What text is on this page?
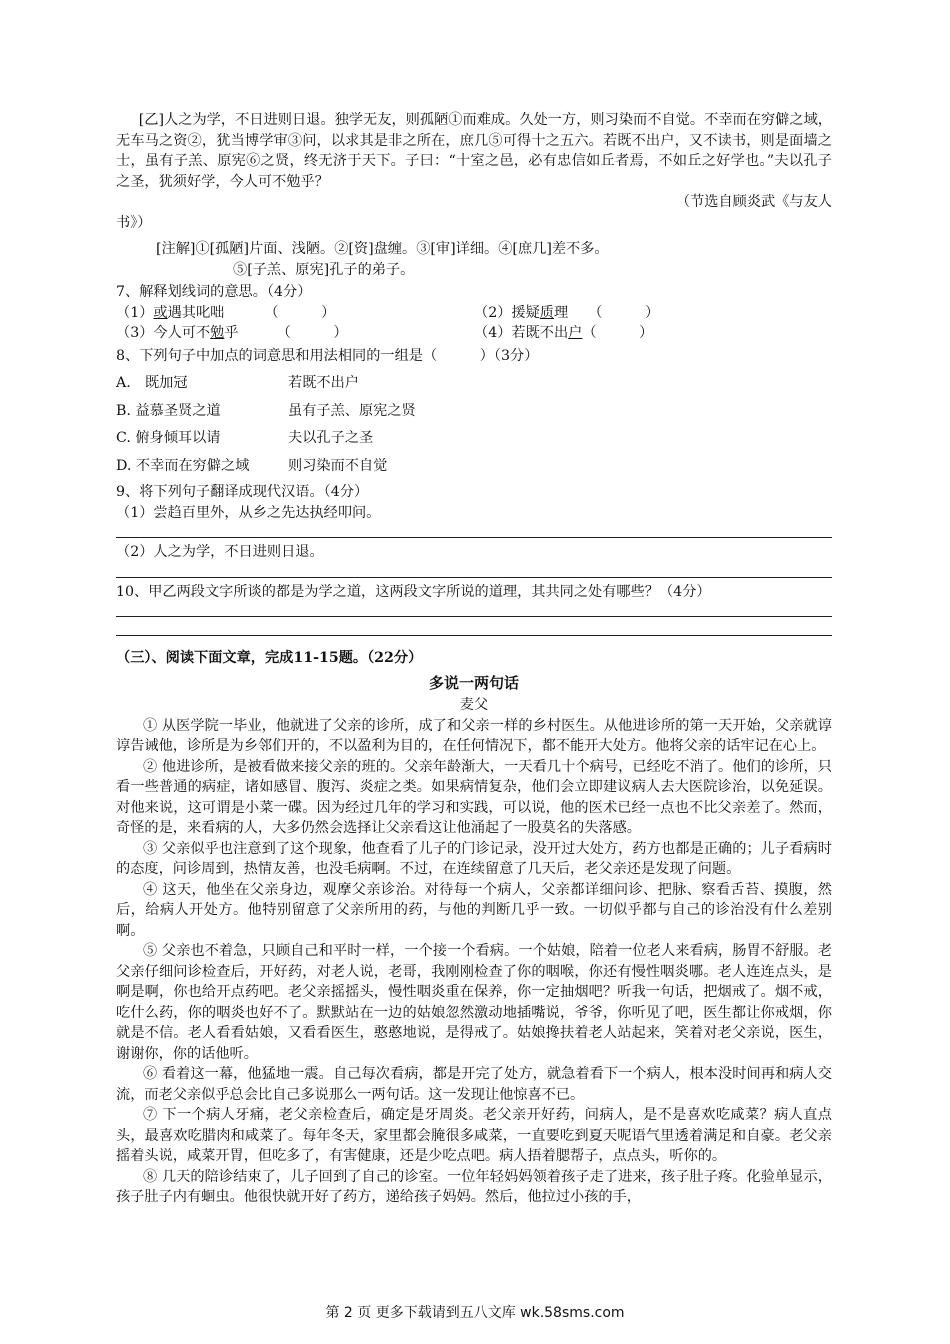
[乙]人之为学，不日进则日退。独学无友，则孤陋①而难成。久处一方，则习染而不自觉。不幸而在穷僻之域，无车马之资②，犹当博学审③问，以求其是非之所在，庶几⑤可得十之五六。若既不出户，又不读书，则是面墙之士，虽有子羔、原宪⑥之贤，终无济于天下。子曰：“十室之邑，必有忠信如丘者焉，不如丘之好学也。”夫以孔子之圣，犹须好学，今人可不勉乎？

（节选自顾炎武《与友人

书》）

[注解]①[孤陋]片面、浅陋。②[资]盘缠。③[审]详细。④[庶几]差不多。
⑤[子羔、原宪]孔子的弟子。
7、解释划线词的意思。（4分）
（1）或遇其叱咄	（　　　）	（2）援疑质理 （　　　）
（3）今人可不勉乎	（　　　）	（4）若既不出户（　　　）
8、下列句子中加点的词意思和用法相同的一组是（　　　）（3分）
A.　既加冠	若既不出户
B. 益慕圣贤之道	虽有子羔、原宪之贤
C. 俯身倾耳以请	夫以孔子之圣
D. 不幸而在穷僻之域	则习染而不自觉
9、将下列句子翻译成现代汉语。（4分）
（1）尝趋百里外，从乡之先达执经叩问。
（2）人之为学，不日进则日退。
10、甲乙两段文字所谈的都是为学之道，这两段文字所说的道理，其共同之处有哪些？（4分）
（三）、阅读下面文章，完成11-15题。（22分）
多说一两句话
麦父

① 从医学院一毕业，他就进了父亲的诊所，成了和父亲一样的乡村医生。从他进诊所的第一天开始，父亲就谆谆告诫他，诊所是为乡邻们开的，不以盈利为目的，在任何情况下，都不能开大处方。他将父亲的话牢记在心上。

② 他进诊所，是被看做来接父亲的班的。父亲年龄渐大，一天看几十个病号，已经吃不消了。他们的诊所，只看一些普通的病症，诸如感冒、腹泻、炎症之类。如果病情复杂，他们会立即建议病人去大医院诊治，以免延误。对他来说，这可谓是小菜一碟。因为经过几年的学习和实践，可以说，他的医术已经一点也不比父亲差了。然而，奇怪的是，来看病的人，大多仍然会选择让父亲看这让他涌起了一股莫名的失落感。

③ 父亲似乎也注意到了这个现象，他查看了儿子的门诊记录，没开过大处方，药方也都是正确的；儿子看病时的态度，问诊周到，热情友善，也没毛病啊。不过，在连续留意了几天后，老父亲还是发现了问题。

④ 这天，他坐在父亲身边，观摩父亲诊治。对待每一个病人，父亲都详细问诊、把脉、察看舌苔、摸腹，然后，给病人开处方。他特别留意了父亲所用的药，与他的判断几乎一致。一切似乎都与自己的诊治没有什么差别啊。

⑤ 父亲也不着急，只顾自己和平时一样，一个接一个看病。一个姑娘，陪着一位老人来看病，肠胃不舒服。老父亲仔细问诊检查后，开好药，对老人说，老哥，我刚刚检查了你的咽喉，你还有慢性咽炎哪。老人连连点头，是啊是啊，你也给开点药吧。老父亲摇摇头，慢性咽炎重在保养，你一定抽烟吧？听我一句话，把烟戒了。烟不戒，吃什么药，你的咽炎也好不了。默默站在一边的姑娘忽然激动地插嘴说，爷爷，你听见了吧，医生都让你戒烟，你就是不信。老人看看姑娘，又看看医生，憨憨地说，是得戒了。姑娘搀扶着老人站起来，笑着对老父亲说，医生，谢谢你，你的话他听。

⑥ 看着这一幕，他猛地一震。自己每次看病，都是开完了处方，就急着看下一个病人，根本没时间再和病人交流，而老父亲似乎总会比自己多说那么一两句话。这一发现让他惊喜不已。

⑦ 下一个病人牙痛，老父亲检查后，确定是牙周炎。老父亲开好药，问病人，是不是喜欢吃咸菜？病人直点头，最喜欢吃腊肉和咸菜了。每年冬天，家里都会腌很多咸菜，一直要吃到夏天呢语气里透着满足和自豪。老父亲摇着头说，咸菜开胃，但吃多了，有害健康，还是少吃点吧。病人捂着腮帮子，点点头，听你的。

⑧ 几天的陪诊结束了，儿子回到了自己的诊室。一位年轻妈妈领着孩子走了进来，孩子肚子疼。化验单显示，孩子肚子内有蛔虫。他很快就开好了药方，递给孩子妈妈。然后，他拉过小孩的手，

第 2 页 更多下载请到五八文库 wk.58sms.com
